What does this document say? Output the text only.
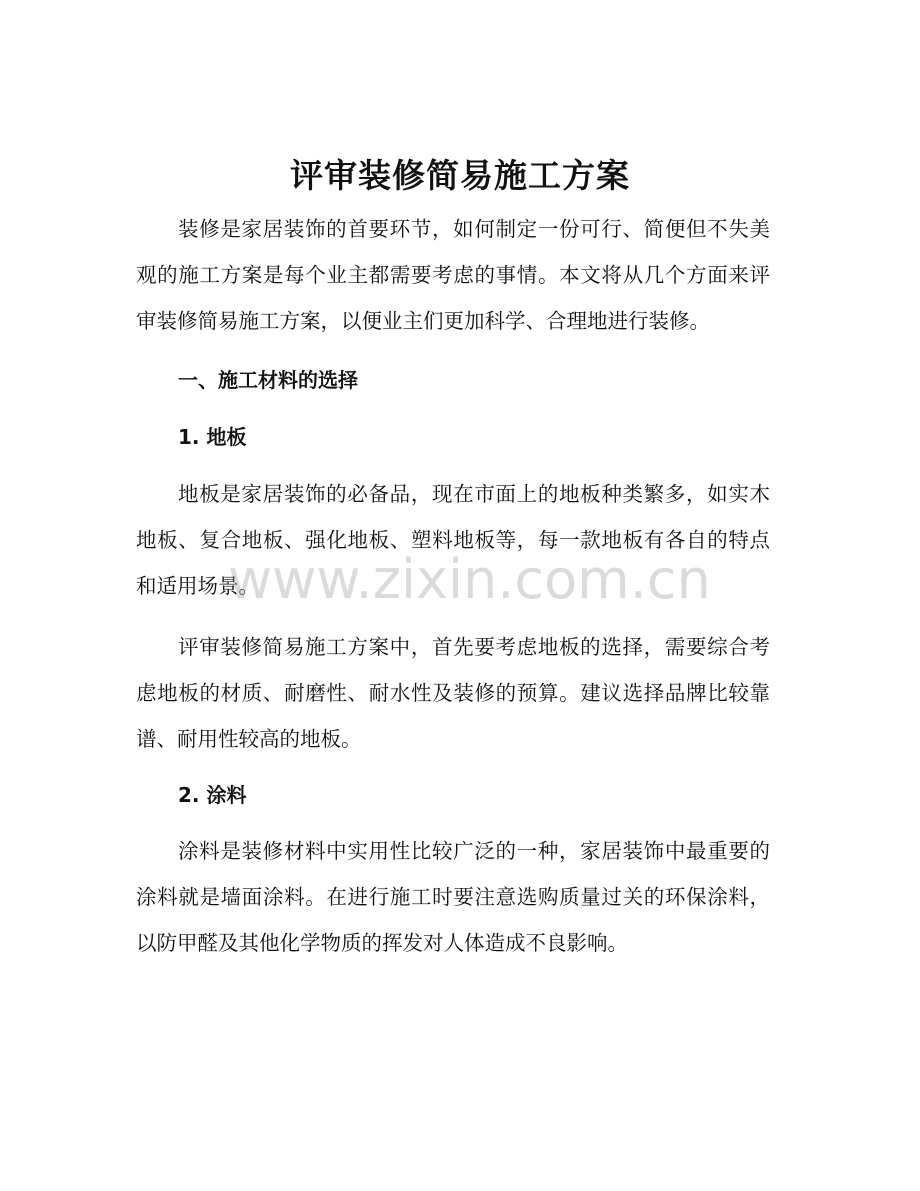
评审装修简易施工方案
装修是家居装饰的首要环节，如何制定一份可行、简便但不失美观的施工方案是每个业主都需要考虑的事情。本文将从几个方面来评审装修简易施工方案，以便业主们更加科学、合理地进行装修。
一、施工材料的选择
1. 地板
地板是家居装饰的必备品，现在市面上的地板种类繁多，如实木地板、复合地板、强化地板、塑料地板等，每一款地板有各自的特点和适用场景。
评审装修简易施工方案中，首先要考虑地板的选择，需要综合考虑地板的材质、耐磨性、耐水性及装修的预算。建议选择品牌比较靠谱、耐用性较高的地板。
2. 涂料
涂料是装修材料中实用性比较广泛的一种，家居装饰中最重要的涂料就是墙面涂料。在进行施工时要注意选购质量过关的环保涂料，以防甲醛及其他化学物质的挥发对人体造成不良影响。
www.zixin.com.cn
